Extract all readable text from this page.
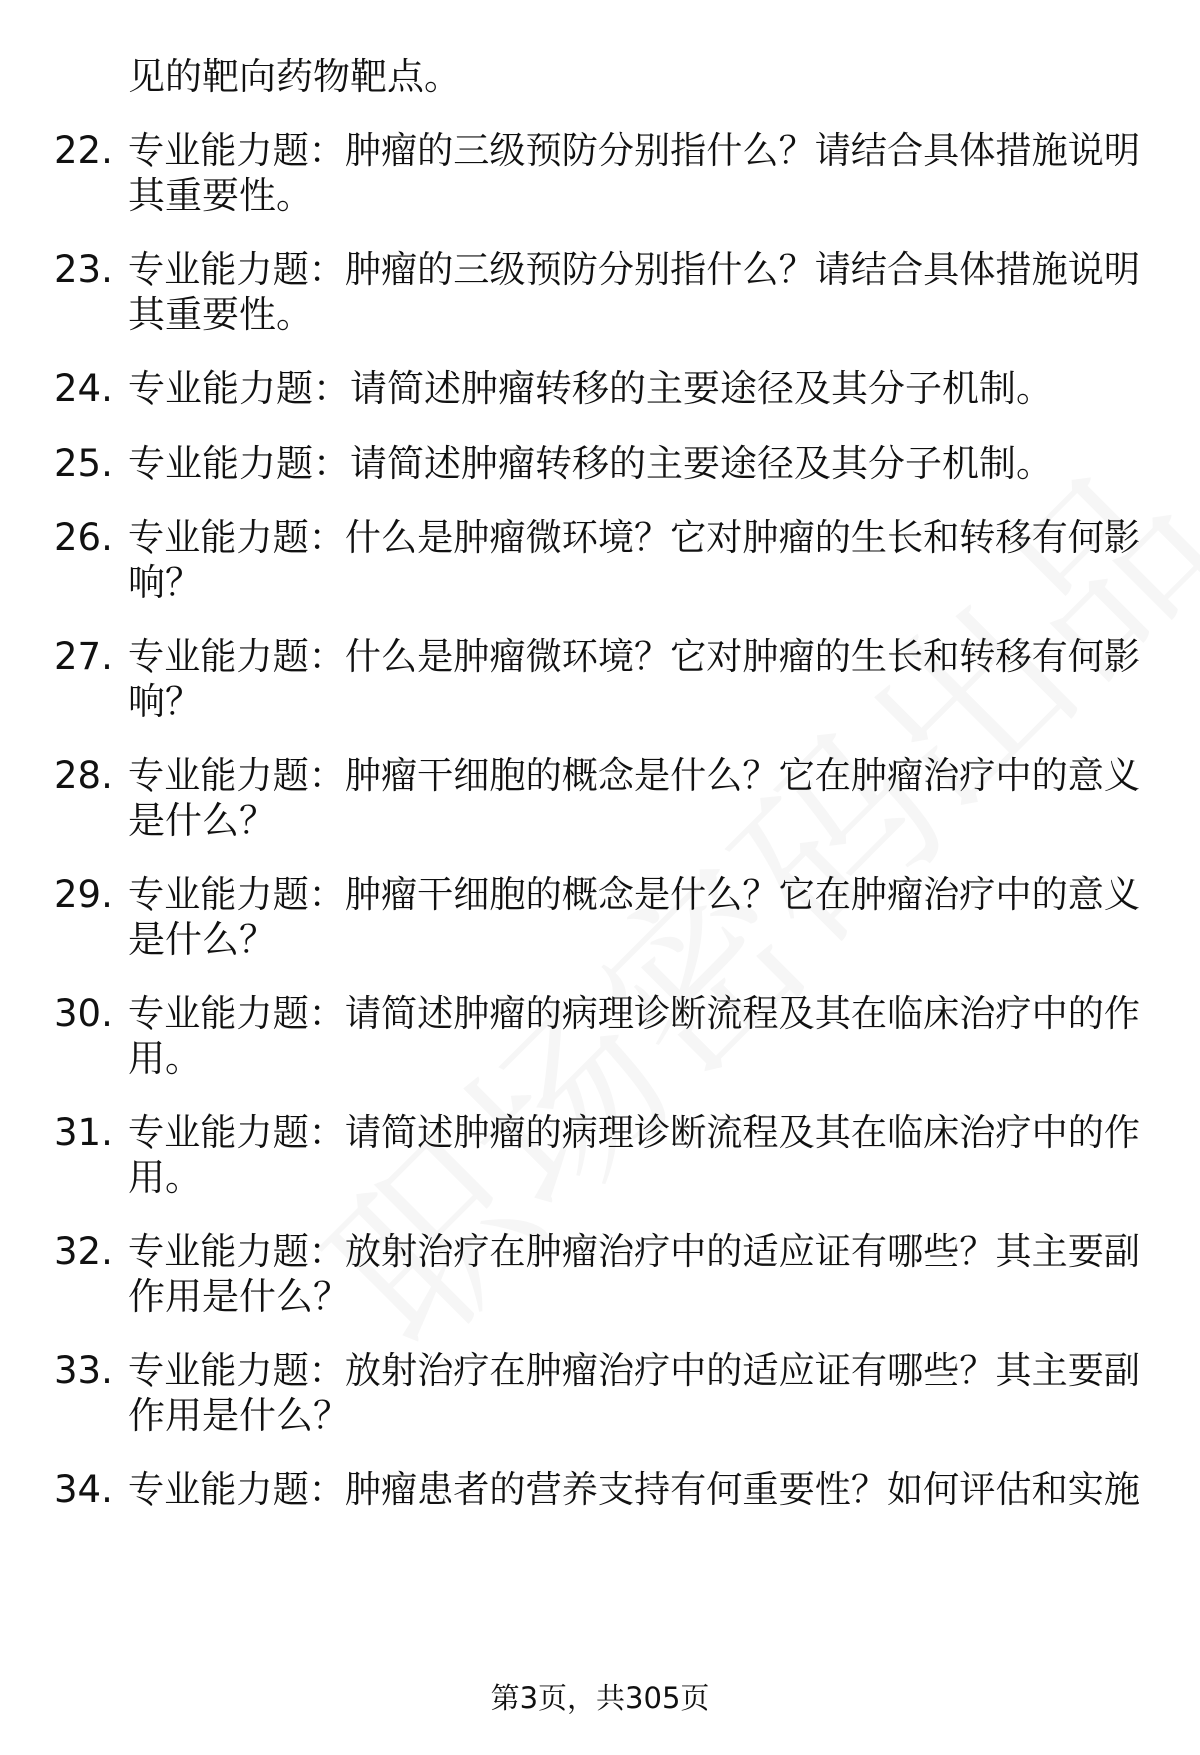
见的靶向药物靶点。
22. 专业能力题：肿瘤的三级预防分别指什么？请结合具体措施说明
其重要性。
23. 专业能力题：肿瘤的三级预防分别指什么？请结合具体措施说明
其重要性。
24. 专业能力题：请简述肿瘤转移的主要途径及其分子机制。
25. 专业能力题：请简述肿瘤转移的主要途径及其分子机制。
26. 专业能力题：什么是肿瘤微环境？它对肿瘤的生长和转移有何影
响？
27. 专业能力题：什么是肿瘤微环境？它对肿瘤的生长和转移有何影
响？
28. 专业能力题：肿瘤干细胞的概念是什么？它在肿瘤治疗中的意义
是什么？
29. 专业能力题：肿瘤干细胞的概念是什么？它在肿瘤治疗中的意义
是什么？
30. 专业能力题：请简述肿瘤的病理诊断流程及其在临床治疗中的作
用。
31. 专业能力题：请简述肿瘤的病理诊断流程及其在临床治疗中的作
用。
32. 专业能力题：放射治疗在肿瘤治疗中的适应证有哪些？其主要副
作用是什么？
33. 专业能力题：放射治疗在肿瘤治疗中的适应证有哪些？其主要副
作用是什么？
34. 专业能力题：肿瘤患者的营养支持有何重要性？如何评估和实施
第3页，共305页
